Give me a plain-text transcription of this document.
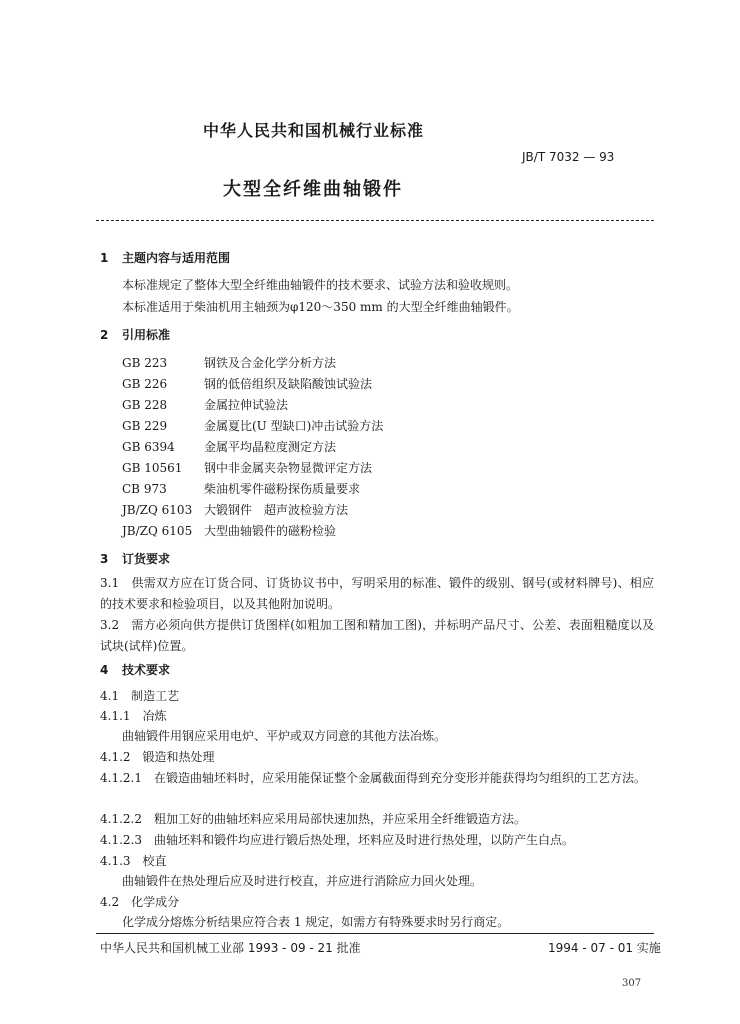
中华人民共和国机械行业标准
JB/T 7032 — 93
大型全纤维曲轴锻件
1 主题内容与适用范围
本标准规定了整体大型全纤维曲轴锻件的技术要求、试验方法和验收规则。
本标准适用于柴油机用主轴颈为φ120～350 mm 的大型全纤维曲轴锻件。
2 引用标准
GB 223	钢铁及合金化学分析方法
GB 226	钢的低倍组织及缺陷酸蚀试验法
GB 228	金属拉伸试验法
GB 229	金属夏比(U 型缺口)冲击试验方法
GB 6394 金属平均晶粒度测定方法
GB 10561 钢中非金属夹杂物显微评定方法
CB 973	柴油机零件磁粉探伤质量要求
JB/ZQ 6103 大锻钢件　超声波检验方法
JB/ZQ 6105 大型曲轴锻件的磁粉检验
3 订货要求
3.1　供需双方应在订货合同、订货协议书中，写明采用的标准、锻件的级别、钢号(或材料牌号)、相应的技术要求和检验项目，以及其他附加说明。
3.2　需方必须向供方提供订货图样(如粗加工图和精加工图)，并标明产品尺寸、公差、表面粗糙度以及试块(试样)位置。
4 技术要求
4.1　制造工艺
4.1.1　冶炼
曲轴锻件用钢应采用电炉、平炉或双方同意的其他方法冶炼。
4.1.2　锻造和热处理
4.1.2.1　在锻造曲轴坯料时，应采用能保证整个金属截面得到充分变形并能获得均匀组织的工艺方法。
4.1.2.2　粗加工好的曲轴坯料应采用局部快速加热，并应采用全纤维锻造方法。
4.1.2.3　曲轴坯料和锻件均应进行锻后热处理，坯料应及时进行热处理，以防产生白点。
4.1.3　校直
曲轴锻件在热处理后应及时进行校直，并应进行消除应力回火处理。
4.2　化学成分
化学成分熔炼分析结果应符合表 1 规定，如需方有特殊要求时另行商定。
中华人民共和国机械工业部 1993 - 09 - 21 批准	1994 - 07 - 01 实施
307
